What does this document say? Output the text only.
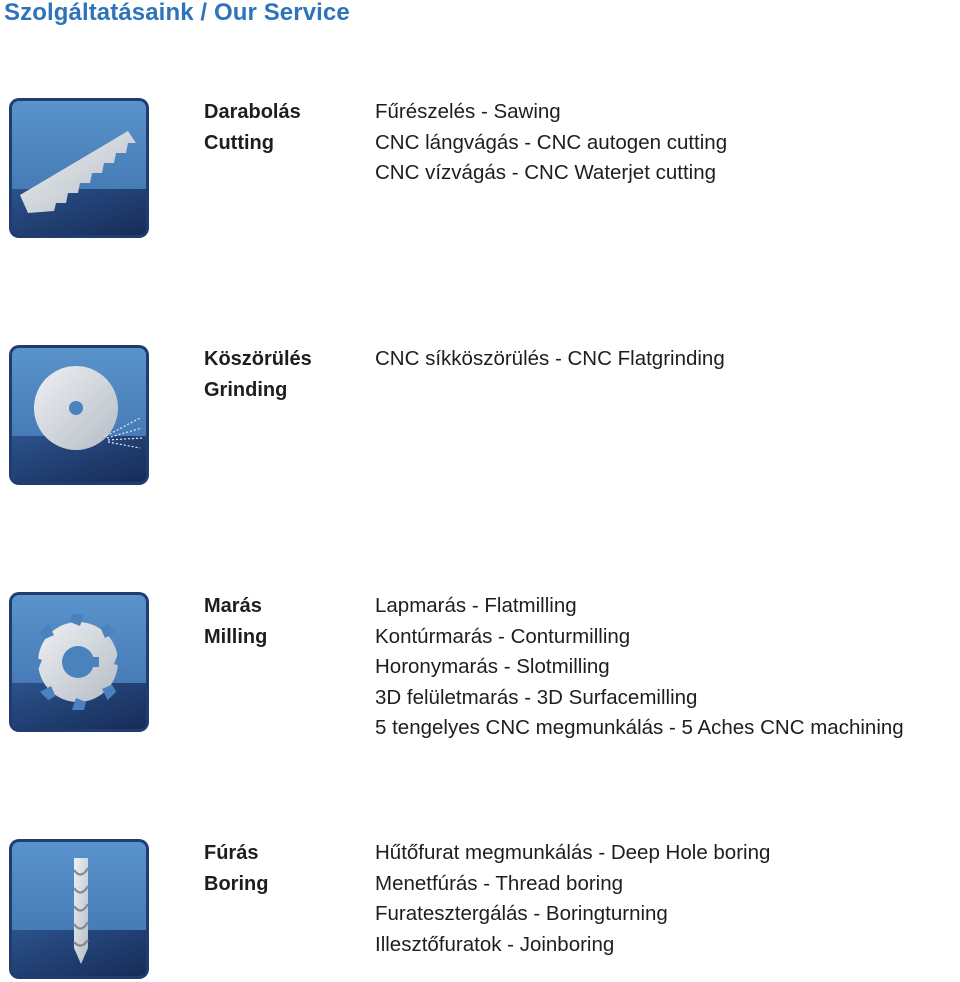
Szolgáltatásaink / Our Service
Darabolás
Cutting
Fűrészelés - Sawing
CNC lángvágás - CNC autogen cutting
CNC vízvágás - CNC Waterjet cutting
Köszörülés
Grinding
CNC síkköszörülés - CNC Flatgrinding
Marás
Milling
Lapmarás - Flatmilling
Kontúrmarás - Conturmilling
Horonymarás - Slotmilling
3D felületmarás - 3D Surfacemilling
5 tengelyes CNC megmunkálás - 5 Aches CNC machining
Fúrás
Boring
Hűtőfurat megmunkálás - Deep Hole boring
Menetfúrás - Thread boring
Furatesztergálás - Boringturning
Illesztőfuratok - Joinboring
